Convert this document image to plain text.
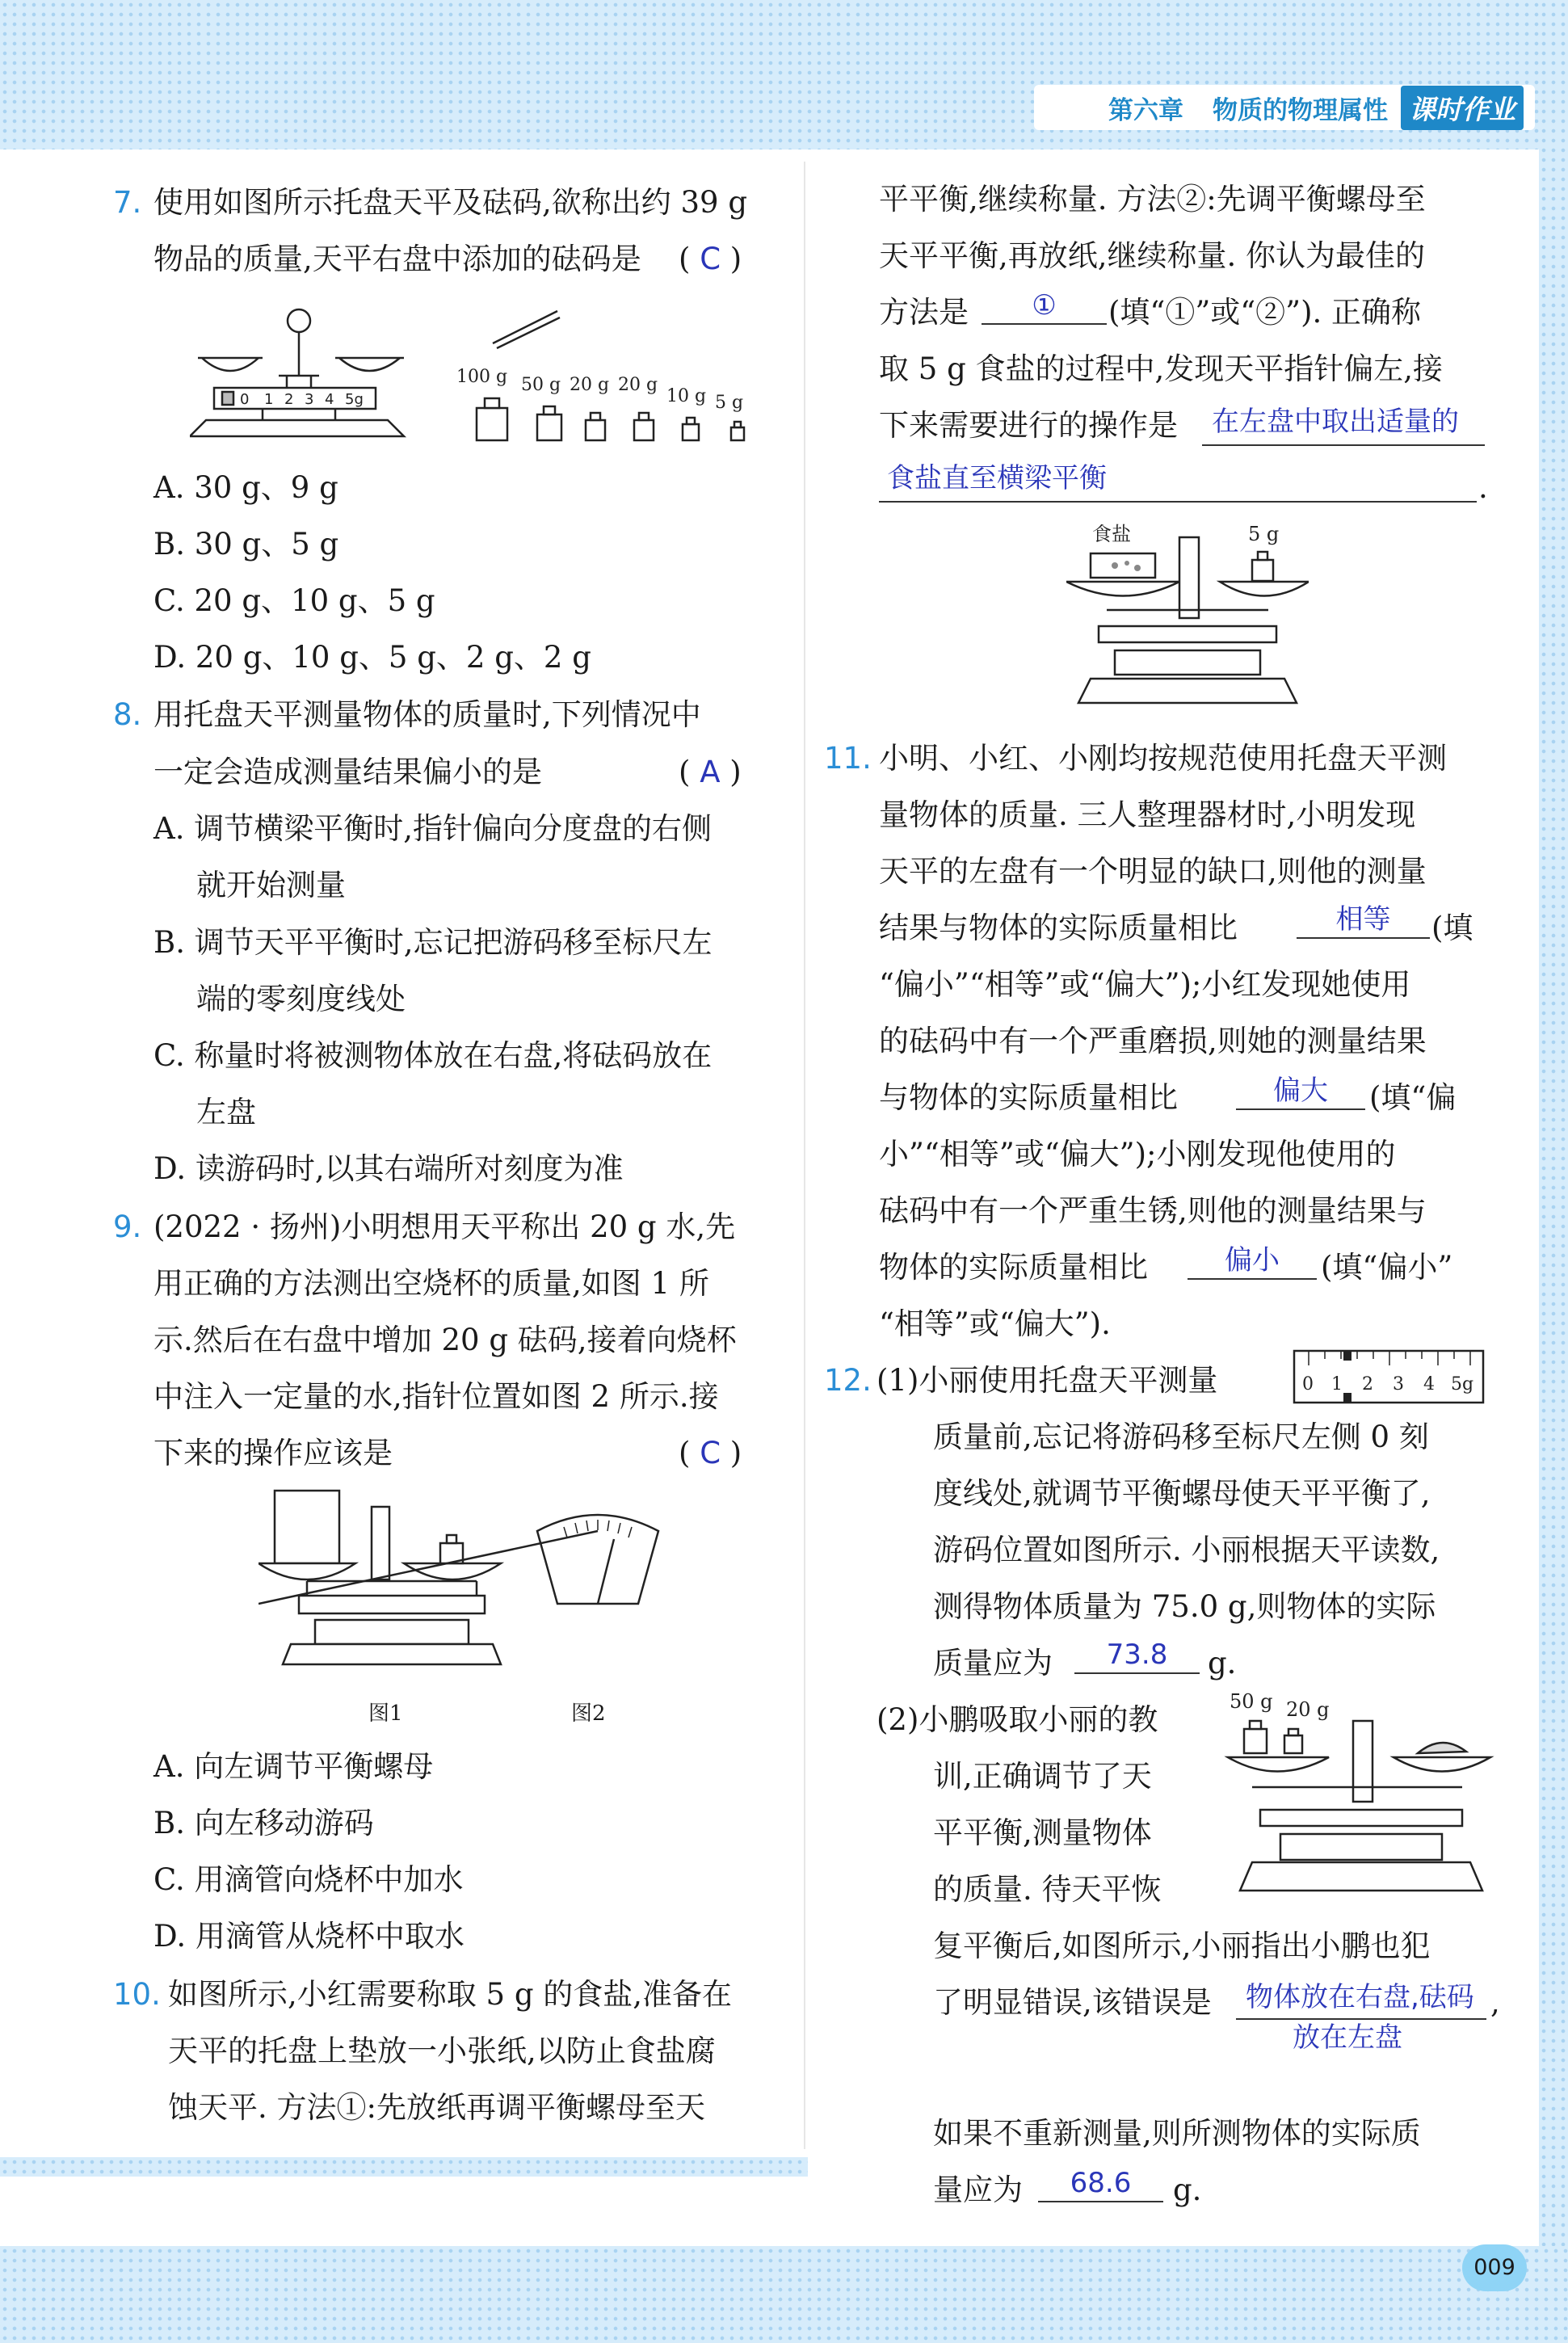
第六章 物质的物理属性 课时作业
7. 使用如图所示托盘天平及砝码,欲称出约 39 g
物品的质量,天平右盘中添加的砝码是 ( C )
0 1 2 3 4 5g
100 g 50 g 20 g 20 g
10 g 5 g
A. 30 g、9 g
B. 30 g、5 g
C. 20 g、10 g、5 g
D. 20 g、10 g、5 g、2 g、2 g
8. 用托盘天平测量物体的质量时,下列情况中
一定会造成测量结果偏小的是	( A )
A. 调节横梁平衡时,指针偏向分度盘的右侧
就开始测量
B. 调节天平平衡时,忘记把游码移至标尺左
端的零刻度线处
C. 称量时将被测物体放在右盘,将砝码放在
左盘
D. 读游码时,以其右端所对刻度为准
9. (2022 · 扬州)小明想用天平称出 20 g 水,先
用正确的方法测出空烧杯的质量,如图 1 所
示.然后在右盘中增加 20 g 砝码,接着向烧杯
中注入一定量的水,指针位置如图 2 所示.接
下来的操作应该是	( C )
图1	图2
A. 向左调节平衡螺母
B. 向左移动游码
C. 用滴管向烧杯中加水
D. 用滴管从烧杯中取水
10. 如图所示,小红需要称取 5 g 的食盐,准备在
天平的托盘上垫放一小张纸,以防止食盐腐
蚀天平. 方法①:先放纸再调平衡螺母至天
平平衡,继续称量. 方法②:先调平衡螺母至
天平平衡,再放纸,继续称量. 你认为最佳的
方法是	①	(填“①”或“②”). 正确称
取 5 g 食盐的过程中,发现天平指针偏左,接
下来需要进行的操作是 在左盘中取出适量的
食盐直至横梁平衡	.
食盐	5 g
11. 小明、小红、小刚均按规范使用托盘天平测
量物体的质量. 三人整理器材时,小明发现
天平的左盘有一个明显的缺口,则他的测量
结果与物体的实际质量相比	相等	(填
“偏小”“相等”或“偏大”);小红发现她使用
的砝码中有一个严重磨损,则她的测量结果
与物体的实际质量相比	偏大	(填“偏
小”“相等”或“偏大”);小刚发现他使用的
砝码中有一个严重生锈,则他的测量结果与
物体的实际质量相比	偏小	(填“偏小”
“相等”或“偏大”).
12. (1)小丽使用托盘天平测量	0 1 2 3 4 5g
质量前,忘记将游码移至标尺左侧 0 刻
度线处,就调节平衡螺母使天平平衡了,
游码位置如图所示. 小丽根据天平读数,
测得物体质量为 75.0 g,则物体的实际
质量应为	73.8	g.
(2)小鹏吸取小丽的教
训,正确调节了天
平平衡,测量物体
的质量. 待天平恢
50 g 20 g
复平衡后,如图所示,小丽指出小鹏也犯
了明显错误,该错误是 物体放在右盘,砝码 ,
放在左盘
如果不重新测量,则所测物体的实际质
量应为	68.6	g.
009
